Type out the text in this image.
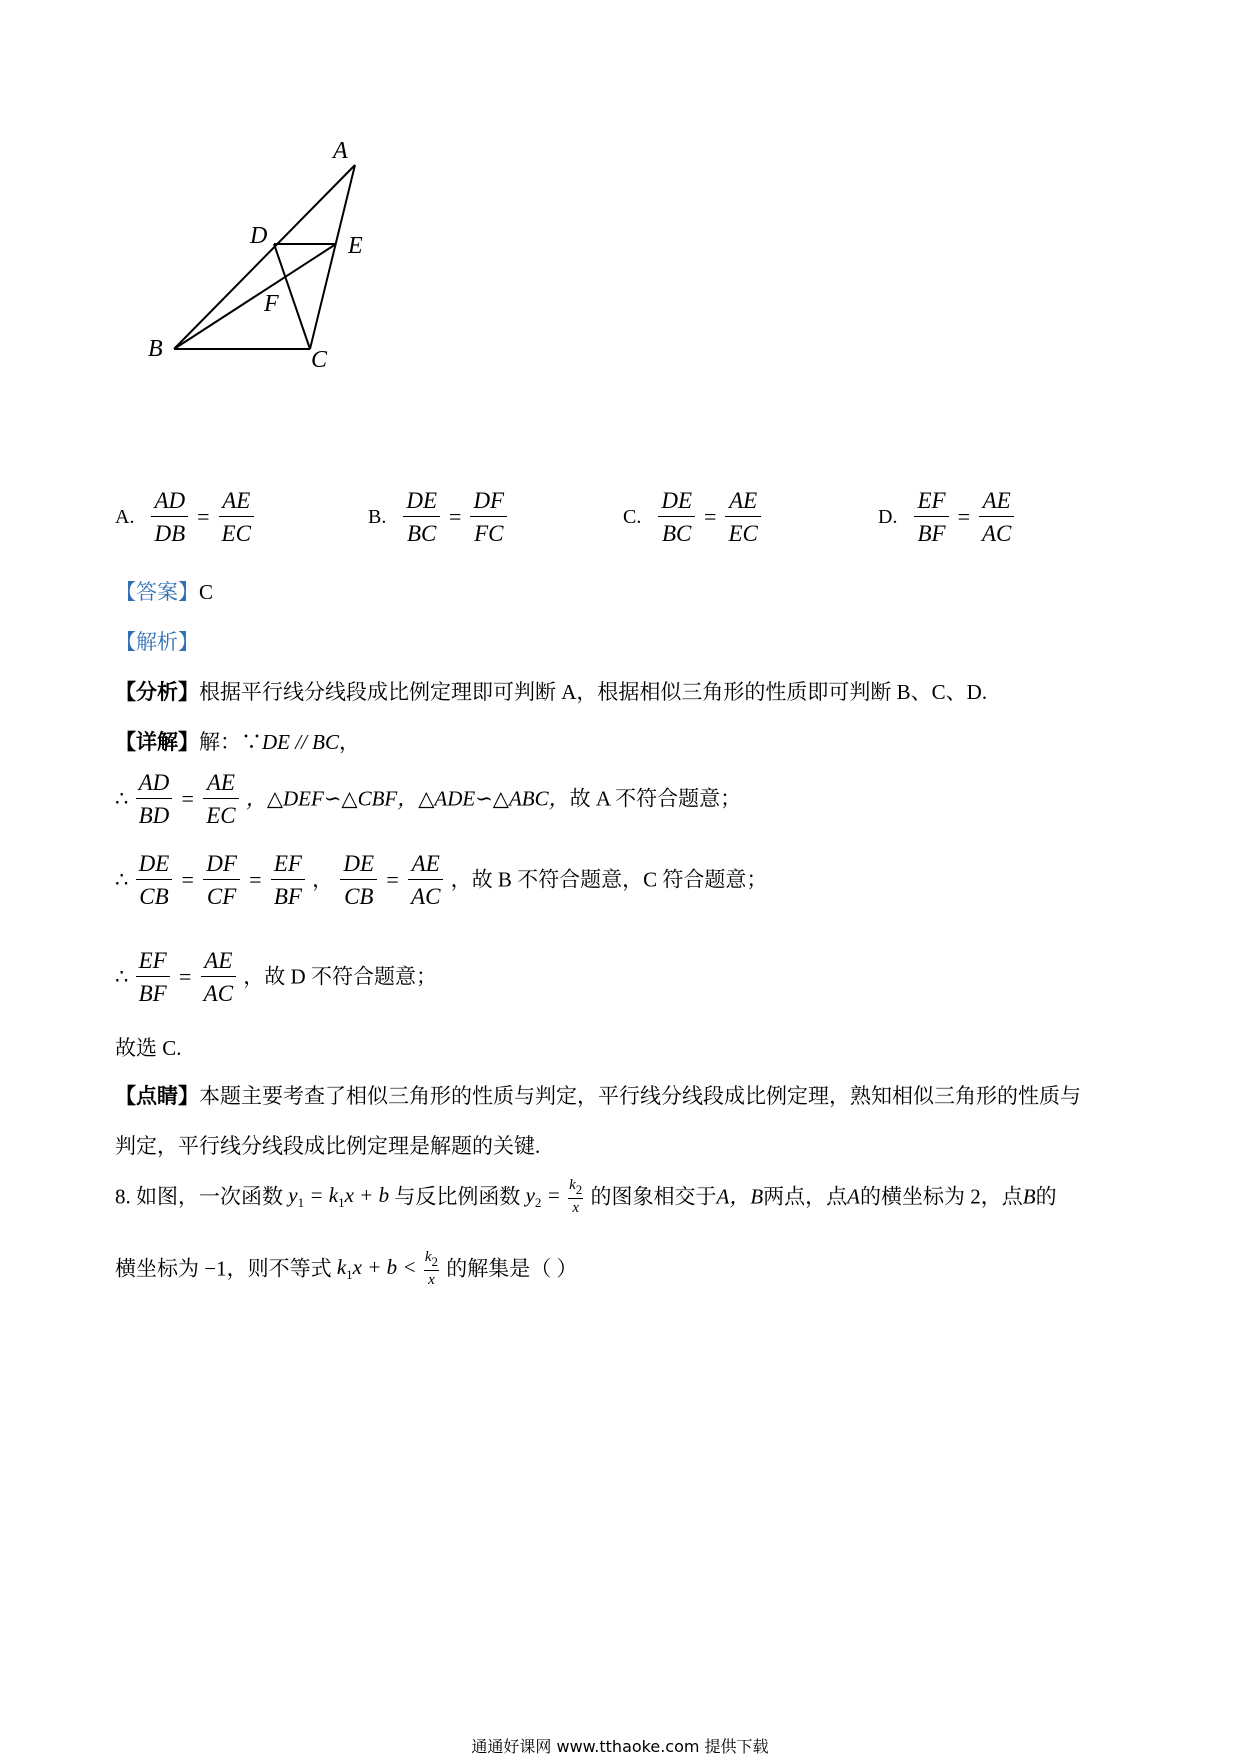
A
D	E
F
B	C
A. $\frac{AD}{DB} = \frac{AE}{EC}$	B. $\frac{DE}{BC} = \frac{DF}{FC}$	C. $\frac{DE}{BC} = \frac{AE}{EC}$	D. $\frac{EF}{BF} = \frac{AE}{AC}$
【答案】C
【解析】
【分析】根据平行线分线段成比例定理即可判断 A，根据相似三角形的性质即可判断 B、C、D.
【详解】解：∵DE // BC，
∴ $\frac{AD}{BD} = \frac{AE}{EC}$ ，△DEF∽△CBF，△ADE∽△ABC，故 A 不符合题意；
∴ $\frac{DE}{CB} = \frac{DF}{CF} = \frac{EF}{BF}$ ， $\frac{DE}{CB} = \frac{AE}{AC}$ ，故 B 不符合题意，C 符合题意；
∴ $\frac{EF}{BF} = \frac{AE}{AC}$ ，故 D 不符合题意；
故选 C.
【点睛】本题主要考查了相似三角形的性质与判定，平行线分线段成比例定理，熟知相似三角形的性质与
判定，平行线分线段成比例定理是解题的关键.
8. 如图，一次函数 $y_1 = k_1x + b$ 与反比例函数 $y_2 = \frac{k2}{x}$ 的图象相交于A，B两点，点A的横坐标为 2，点B的
横坐标为 −1，则不等式 $k_1x + b < \frac{k2}{x}$ 的解集是（ ）
通通好课网 www.tthaoke.com 提供下载
